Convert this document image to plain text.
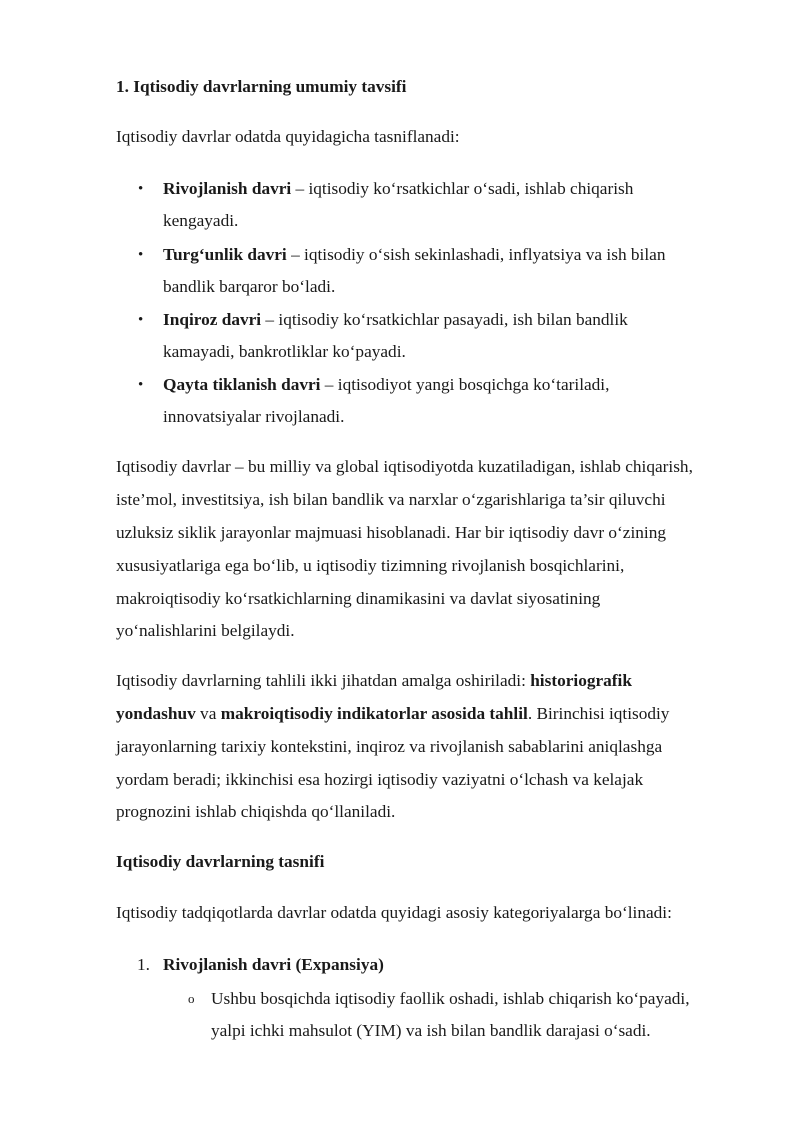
1. Iqtisodiy davrlarning umumiy tavsifi
Iqtisodiy davrlar odatda quyidagicha tasniflanadi:
• Rivojlanish davri – iqtisodiy ko‘rsatkichlar o‘sadi, ishlab chiqarish
kengayadi.
• Turg‘unlik davri – iqtisodiy o‘sish sekinlashadi, inflyatsiya va ish bilan
bandlik barqaror bo‘ladi.
• Inqiroz davri – iqtisodiy ko‘rsatkichlar pasayadi, ish bilan bandlik
kamayadi, bankrotliklar ko‘payadi.
• Qayta tiklanish davri – iqtisodiyot yangi bosqichga ko‘tariladi,
innovatsiyalar rivojlanadi.
Iqtisodiy davrlar – bu milliy va global iqtisodiyotda kuzatiladigan, ishlab chiqarish,
iste’mol, investitsiya, ish bilan bandlik va narxlar o‘zgarishlariga ta’sir qiluvchi
uzluksiz siklik jarayonlar majmuasi hisoblanadi. Har bir iqtisodiy davr o‘zining
xususiyatlariga ega bo‘lib, u iqtisodiy tizimning rivojlanish bosqichlarini,
makroiqtisodiy ko‘rsatkichlarning dinamikasini va davlat siyosatining
yo‘nalishlarini belgilaydi.
Iqtisodiy davrlarning tahlili ikki jihatdan amalga oshiriladi: historiografik
yondashuv va makroiqtisodiy indikatorlar asosida tahlil. Birinchisi iqtisodiy
jarayonlarning tarixiy kontekstini, inqiroz va rivojlanish sabablarini aniqlashga
yordam beradi; ikkinchisi esa hozirgi iqtisodiy vaziyatni o‘lchash va kelajak
prognozini ishlab chiqishda qo‘llaniladi.
Iqtisodiy davrlarning tasnifi
Iqtisodiy tadqiqotlarda davrlar odatda quyidagi asosiy kategoriyalarga bo‘linadi:
1. Rivojlanish davri (Expansiya)
o Ushbu bosqichda iqtisodiy faollik oshadi, ishlab chiqarish ko‘payadi,
yalpi ichki mahsulot (YIM) va ish bilan bandlik darajasi o‘sadi.
